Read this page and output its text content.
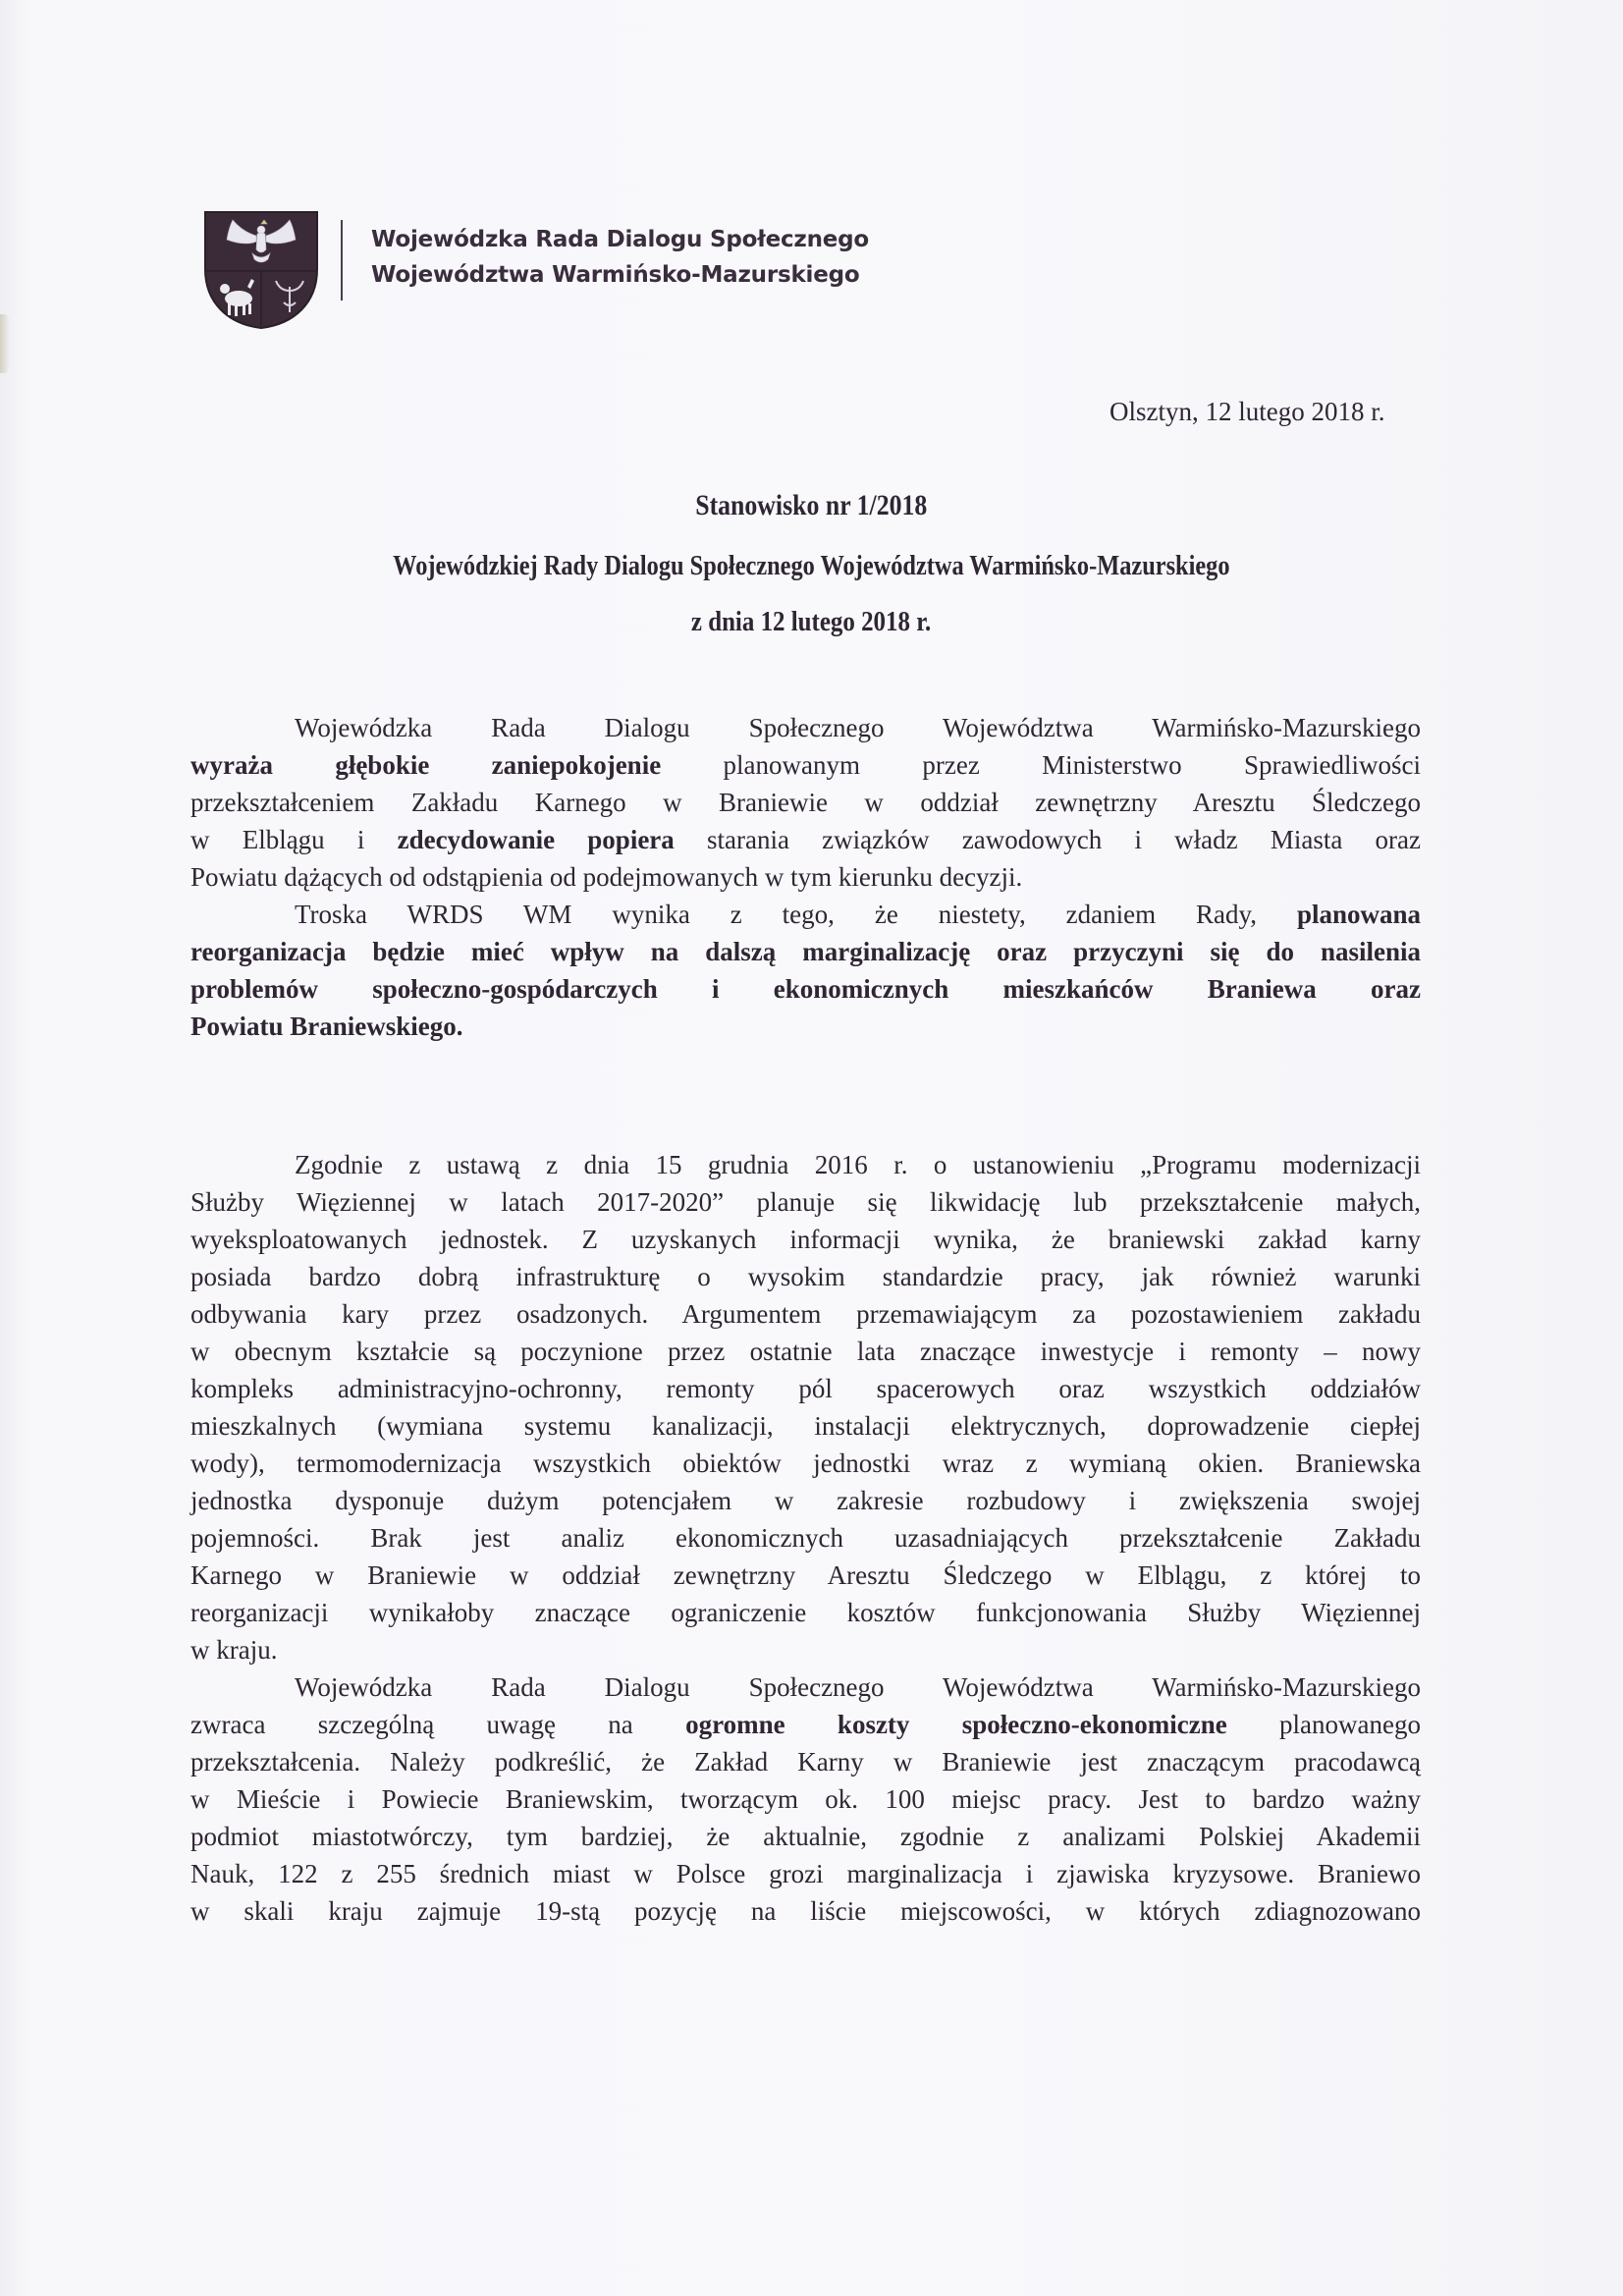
Wojewódzka Rada Dialogu Społecznego
Województwa Warmińsko-Mazurskiego
Olsztyn, 12 lutego 2018 r.
Stanowisko nr 1/2018
Wojewódzkiej Rady Dialogu Społecznego Województwa Warmińsko-Mazurskiego
z dnia 12 lutego 2018 r.
Wojewódzka Rada Dialogu Społecznego Województwa Warmińsko-Mazurskiego
wyraża głębokie zaniepokojenie planowanym przez Ministerstwo Sprawiedliwości
przekształceniem Zakładu Karnego w Braniewie w oddział zewnętrzny Aresztu Śledczego
w Elblągu i zdecydowanie popiera starania związków zawodowych i władz Miasta oraz
Powiatu dążących od odstąpienia od podejmowanych w tym kierunku decyzji.
Troska WRDS WM wynika z tego, że niestety, zdaniem Rady, planowana
reorganizacja będzie mieć wpływ na dalszą marginalizację oraz przyczyni się do nasilenia
problemów społeczno-gospódarczych i ekonomicznych mieszkańców Braniewa oraz
Powiatu Braniewskiego.
Zgodnie z ustawą z dnia 15 grudnia 2016 r. o ustanowieniu „Programu modernizacji
Służby Więziennej w latach 2017-2020” planuje się likwidację lub przekształcenie małych,
wyeksploatowanych jednostek. Z uzyskanych informacji wynika, że braniewski zakład karny
posiada bardzo dobrą infrastrukturę o wysokim standardzie pracy, jak również warunki
odbywania kary przez osadzonych. Argumentem przemawiającym za pozostawieniem zakładu
w obecnym kształcie są poczynione przez ostatnie lata znaczące inwestycje i remonty – nowy
kompleks administracyjno-ochronny, remonty pól spacerowych oraz wszystkich oddziałów
mieszkalnych (wymiana systemu kanalizacji, instalacji elektrycznych, doprowadzenie ciepłej
wody), termomodernizacja wszystkich obiektów jednostki wraz z wymianą okien. Braniewska
jednostka dysponuje dużym potencjałem w zakresie rozbudowy i zwiększenia swojej
pojemności. Brak jest analiz ekonomicznych uzasadniających przekształcenie Zakładu
Karnego w Braniewie w oddział zewnętrzny Aresztu Śledczego w Elblągu, z której to
reorganizacji wynikałoby znaczące ograniczenie kosztów funkcjonowania Służby Więziennej
w kraju.
Wojewódzka Rada Dialogu Społecznego Województwa Warmińsko-Mazurskiego
zwraca szczególną uwagę na ogromne koszty społeczno-ekonomiczne planowanego
przekształcenia. Należy podkreślić, że Zakład Karny w Braniewie jest znaczącym pracodawcą
w Mieście i Powiecie Braniewskim, tworzącym ok. 100 miejsc pracy. Jest to bardzo ważny
podmiot miastotwórczy, tym bardziej, że aktualnie, zgodnie z analizami Polskiej Akademii
Nauk, 122 z 255 średnich miast w Polsce grozi marginalizacja i zjawiska kryzysowe. Braniewo
w skali kraju zajmuje 19-stą pozycję na liście miejscowości, w których zdiagnozowano
